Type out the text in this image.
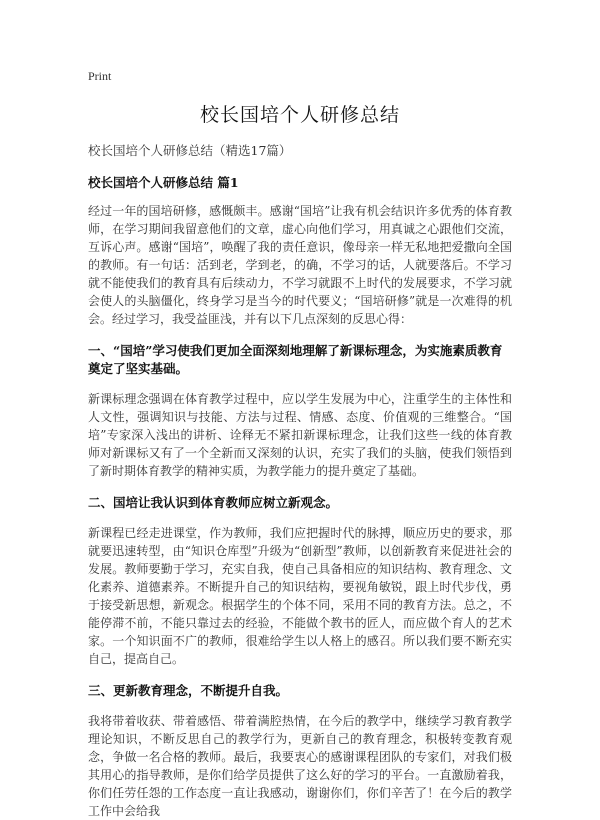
Print
校长国培个人研修总结
校长国培个人研修总结（精选17篇）
校长国培个人研修总结 篇1

经过一年的国培研修，感慨颇丰。感谢“国培”让我有机会结识许多优秀的体育教师，在学习期间我留意他们的文章，虚心向他们学习，用真诚之心跟他们交流，互诉心声。感谢“国培”，唤醒了我的责任意识，像母亲一样无私地把爱撒向全国的教师。有一句话：活到老，学到老，的确，不学习的话，人就要落后。不学习就不能使我们的教育具有后续动力，不学习就跟不上时代的发展要求，不学习就会使人的头脑僵化，终身学习是当今的时代要义；“国培研修”就是一次难得的机会。经过学习，我受益匪浅，并有以下几点深刻的反思心得：

一、“国培”学习使我们更加全面深刻地理解了新课标理念，为实施素质教育奠定了坚实基础。

新课标理念强调在体育教学过程中，应以学生发展为中心，注重学生的主体性和人文性，强调知识与技能、方法与过程、情感、态度、价值观的三维整合。“国培”专家深入浅出的讲析、诠释无不紧扣新课标理念，让我们这些一线的体育教师对新课标又有了一个全新而又深刻的认识，充实了我们的头脑，使我们领悟到了新时期体育教学的精神实质，为教学能力的提升奠定了基础。

二、国培让我认识到体育教师应树立新观念。

新课程已经走进课堂，作为教师，我们应把握时代的脉搏，顺应历史的要求，那就要迅速转型，由“知识仓库型”升级为“创新型”教师，以创新教育来促进社会的发展。教师要勤于学习，充实自我，使自己具备相应的知识结构、教育理念、文化素养、道德素养。不断提升自己的知识结构，要视角敏锐，跟上时代步伐，勇于接受新思想，新观念。根据学生的个体不同，采用不同的教育方法。总之，不能停滞不前，不能只靠过去的经验，不能做个教书的匠人，而应做个育人的艺术家。一个知识面不广的教师，很难给学生以人格上的感召。所以我们要不断充实自己，提高自己。

三、更新教育理念，不断提升自我。

我将带着收获、带着感悟、带着满腔热情，在今后的教学中，继续学习教育教学理论知识，不断反思自己的教学行为，更新自己的教育理念，积极转变教育观念，争做一名合格的教师。最后，我要衷心的感谢课程团队的专家们，对我们极其用心的指导教师，是你们给学员提供了这么好的学习的平台。一直激励着我，你们任劳任怨的工作态度一直让我感动，谢谢你们，你们辛苦了！在今后的教学工作中会给我
